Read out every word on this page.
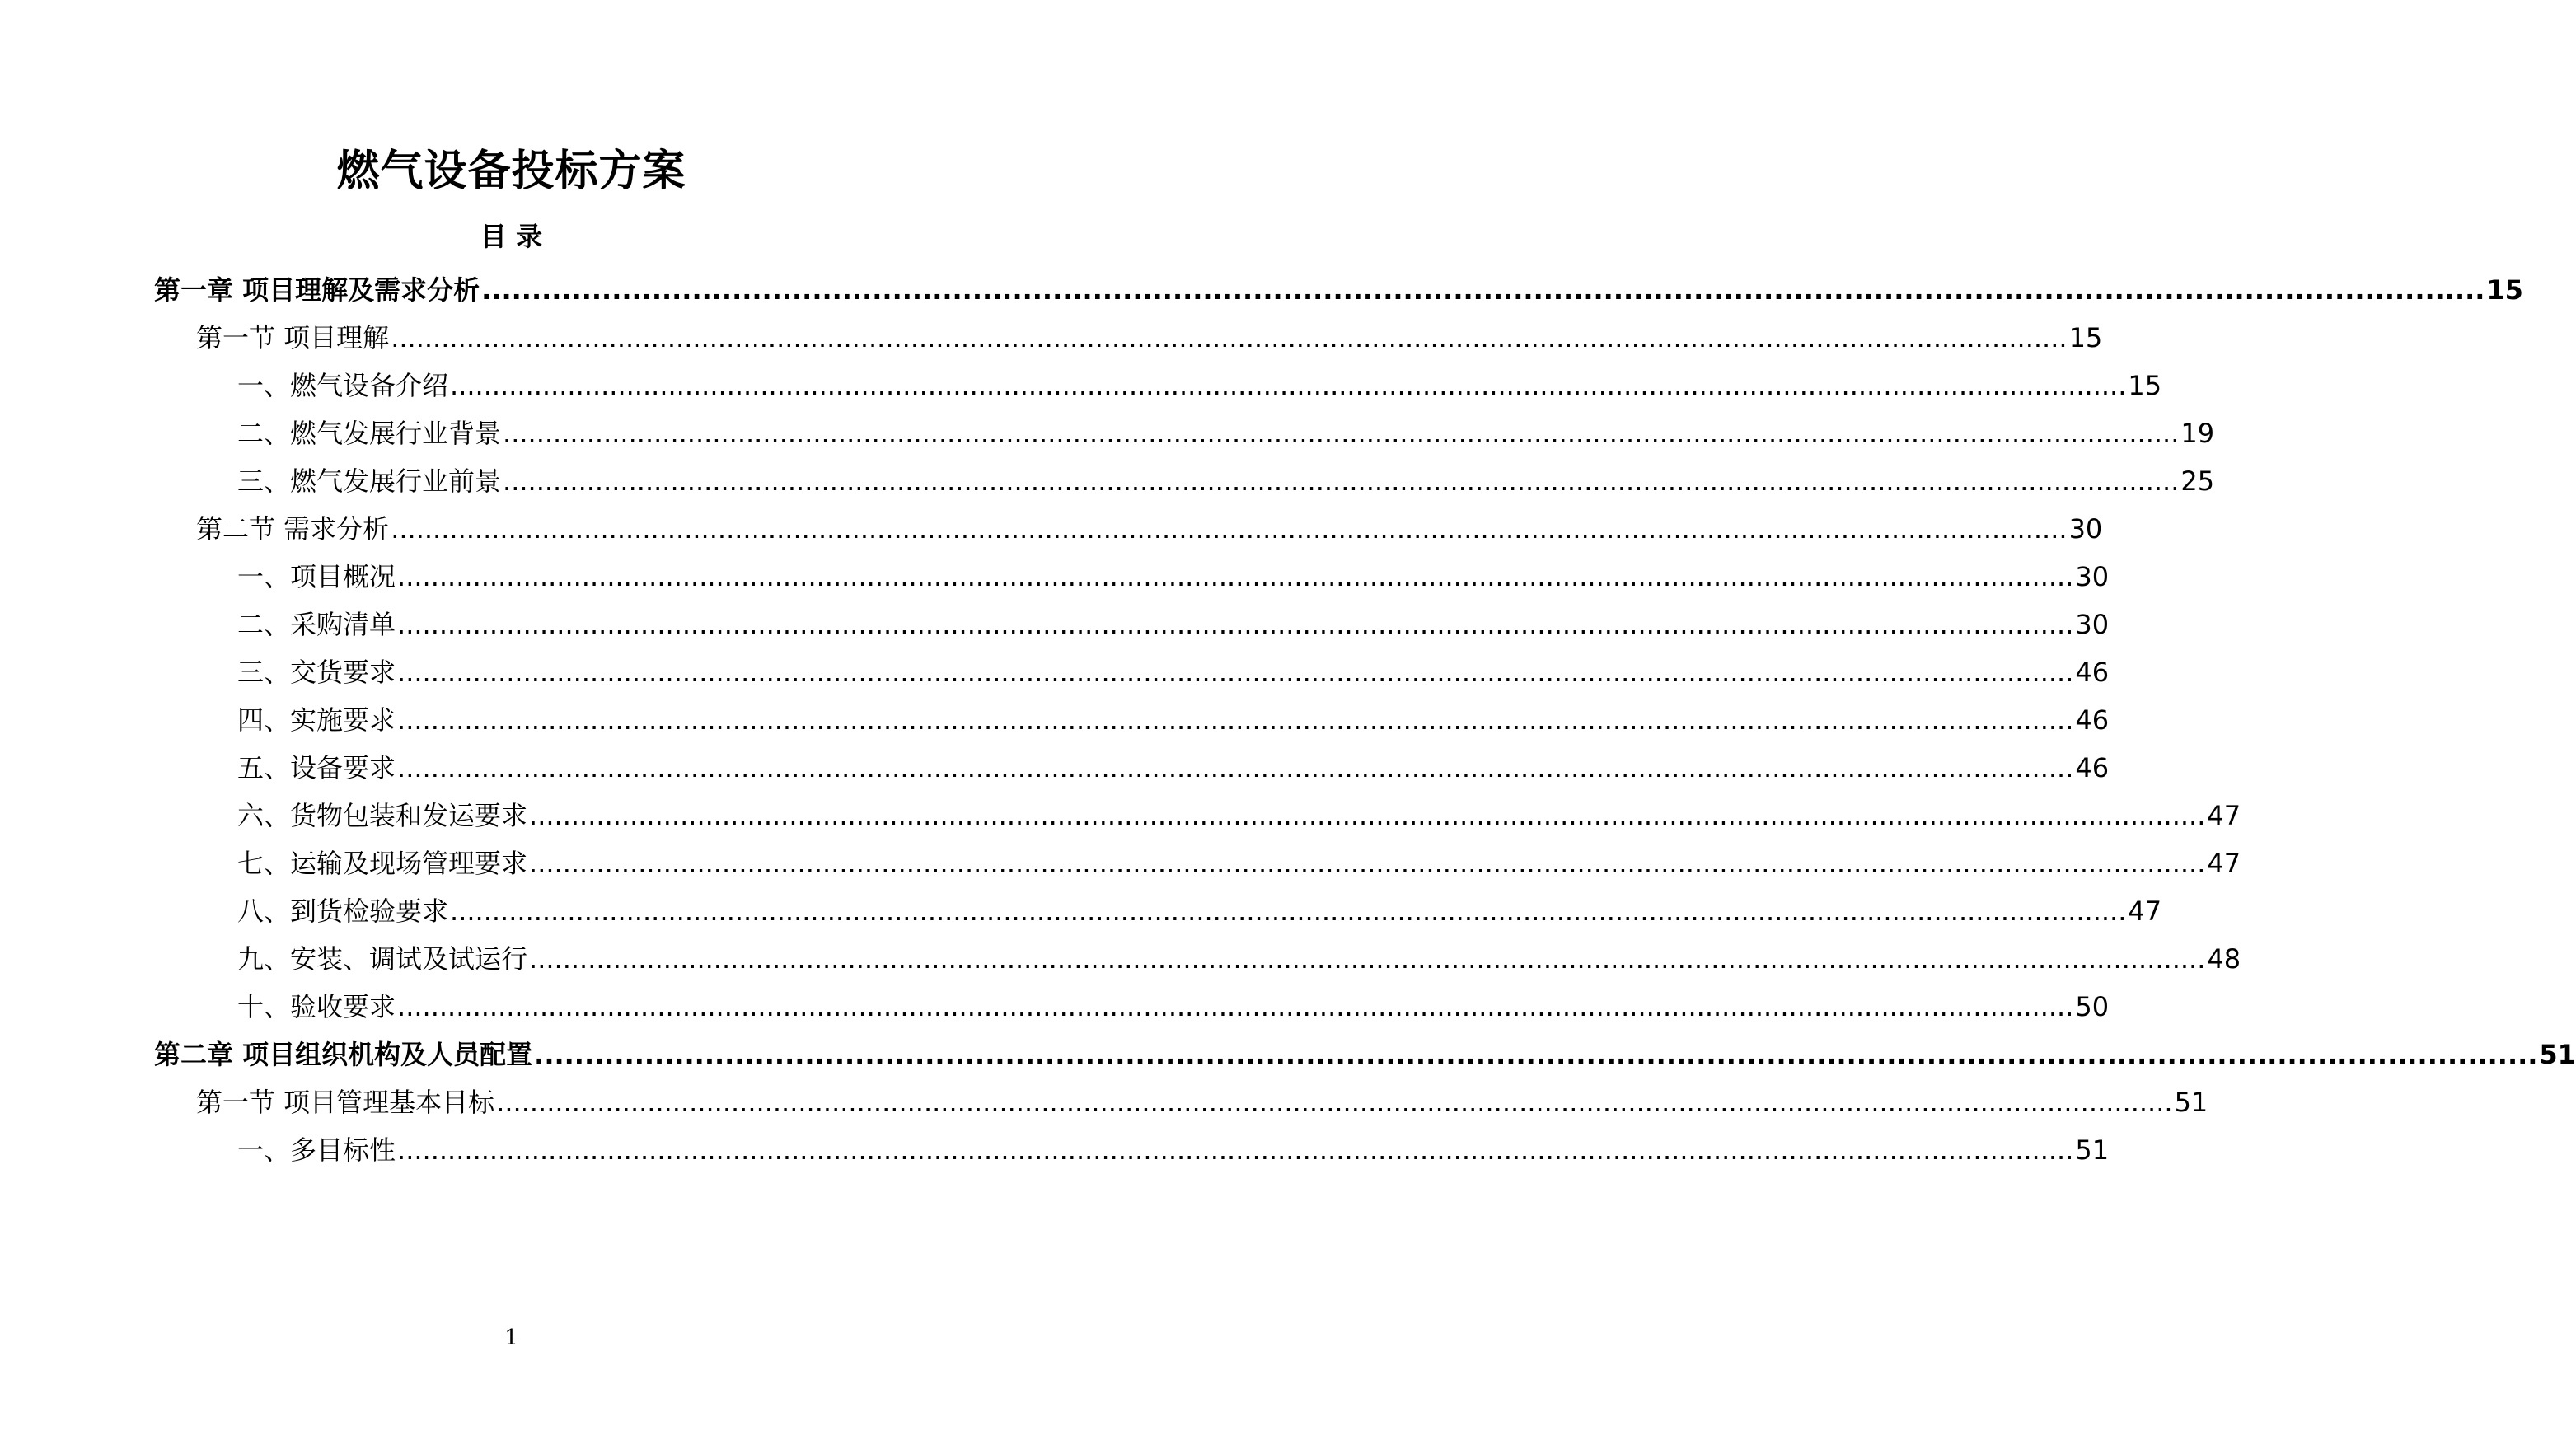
燃气设备投标方案
目 录
第一章 项目理解及需求分析 ........................................................................................................................................................................................................ 15
第一节 项目理解 ........................................................................................................................................................................................................ 15
一、燃气设备介绍 ........................................................................................................................................................................................................ 15
二、燃气发展行业背景 ........................................................................................................................................................................................................ 19
三、燃气发展行业前景 ........................................................................................................................................................................................................ 25
第二节 需求分析 ........................................................................................................................................................................................................ 30
一、项目概况 ........................................................................................................................................................................................................ 30
二、采购清单 ........................................................................................................................................................................................................ 30
三、交货要求 ........................................................................................................................................................................................................ 46
四、实施要求 ........................................................................................................................................................................................................ 46
五、设备要求 ........................................................................................................................................................................................................ 46
六、货物包装和发运要求 ........................................................................................................................................................................................................ 47
七、运输及现场管理要求 ........................................................................................................................................................................................................ 47
八、到货检验要求 ........................................................................................................................................................................................................ 47
九、安装、调试及试运行 ........................................................................................................................................................................................................ 48
十、验收要求 ........................................................................................................................................................................................................ 50
第二章 项目组织机构及人员配置 ........................................................................................................................................................................................................ 51
第一节 项目管理基本目标 ........................................................................................................................................................................................................ 51
一、多目标性 ........................................................................................................................................................................................................ 51
1
